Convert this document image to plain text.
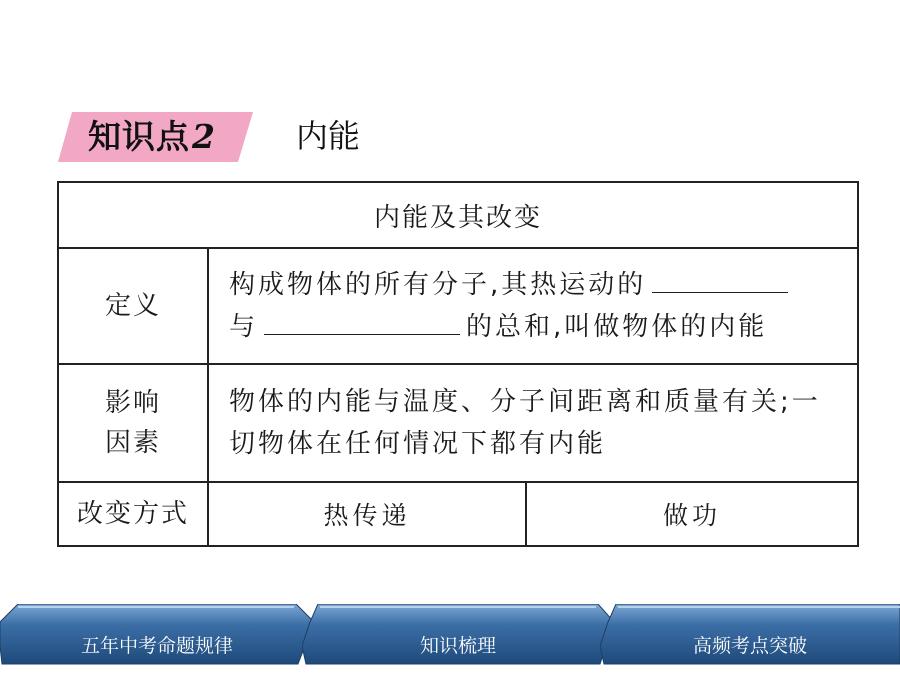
知识点2	内能
内能及其改变		
定义	构成物体的所有分子,其热运动的
与 的总和,叫做物体的内能	
影响
因素	物体的内能与温度、分子间距离和质量有关;一切物体在任何情况下都有内能	
改变方式	热传递	做功
五年中考命题规律	知识梳理	高频考点突破
